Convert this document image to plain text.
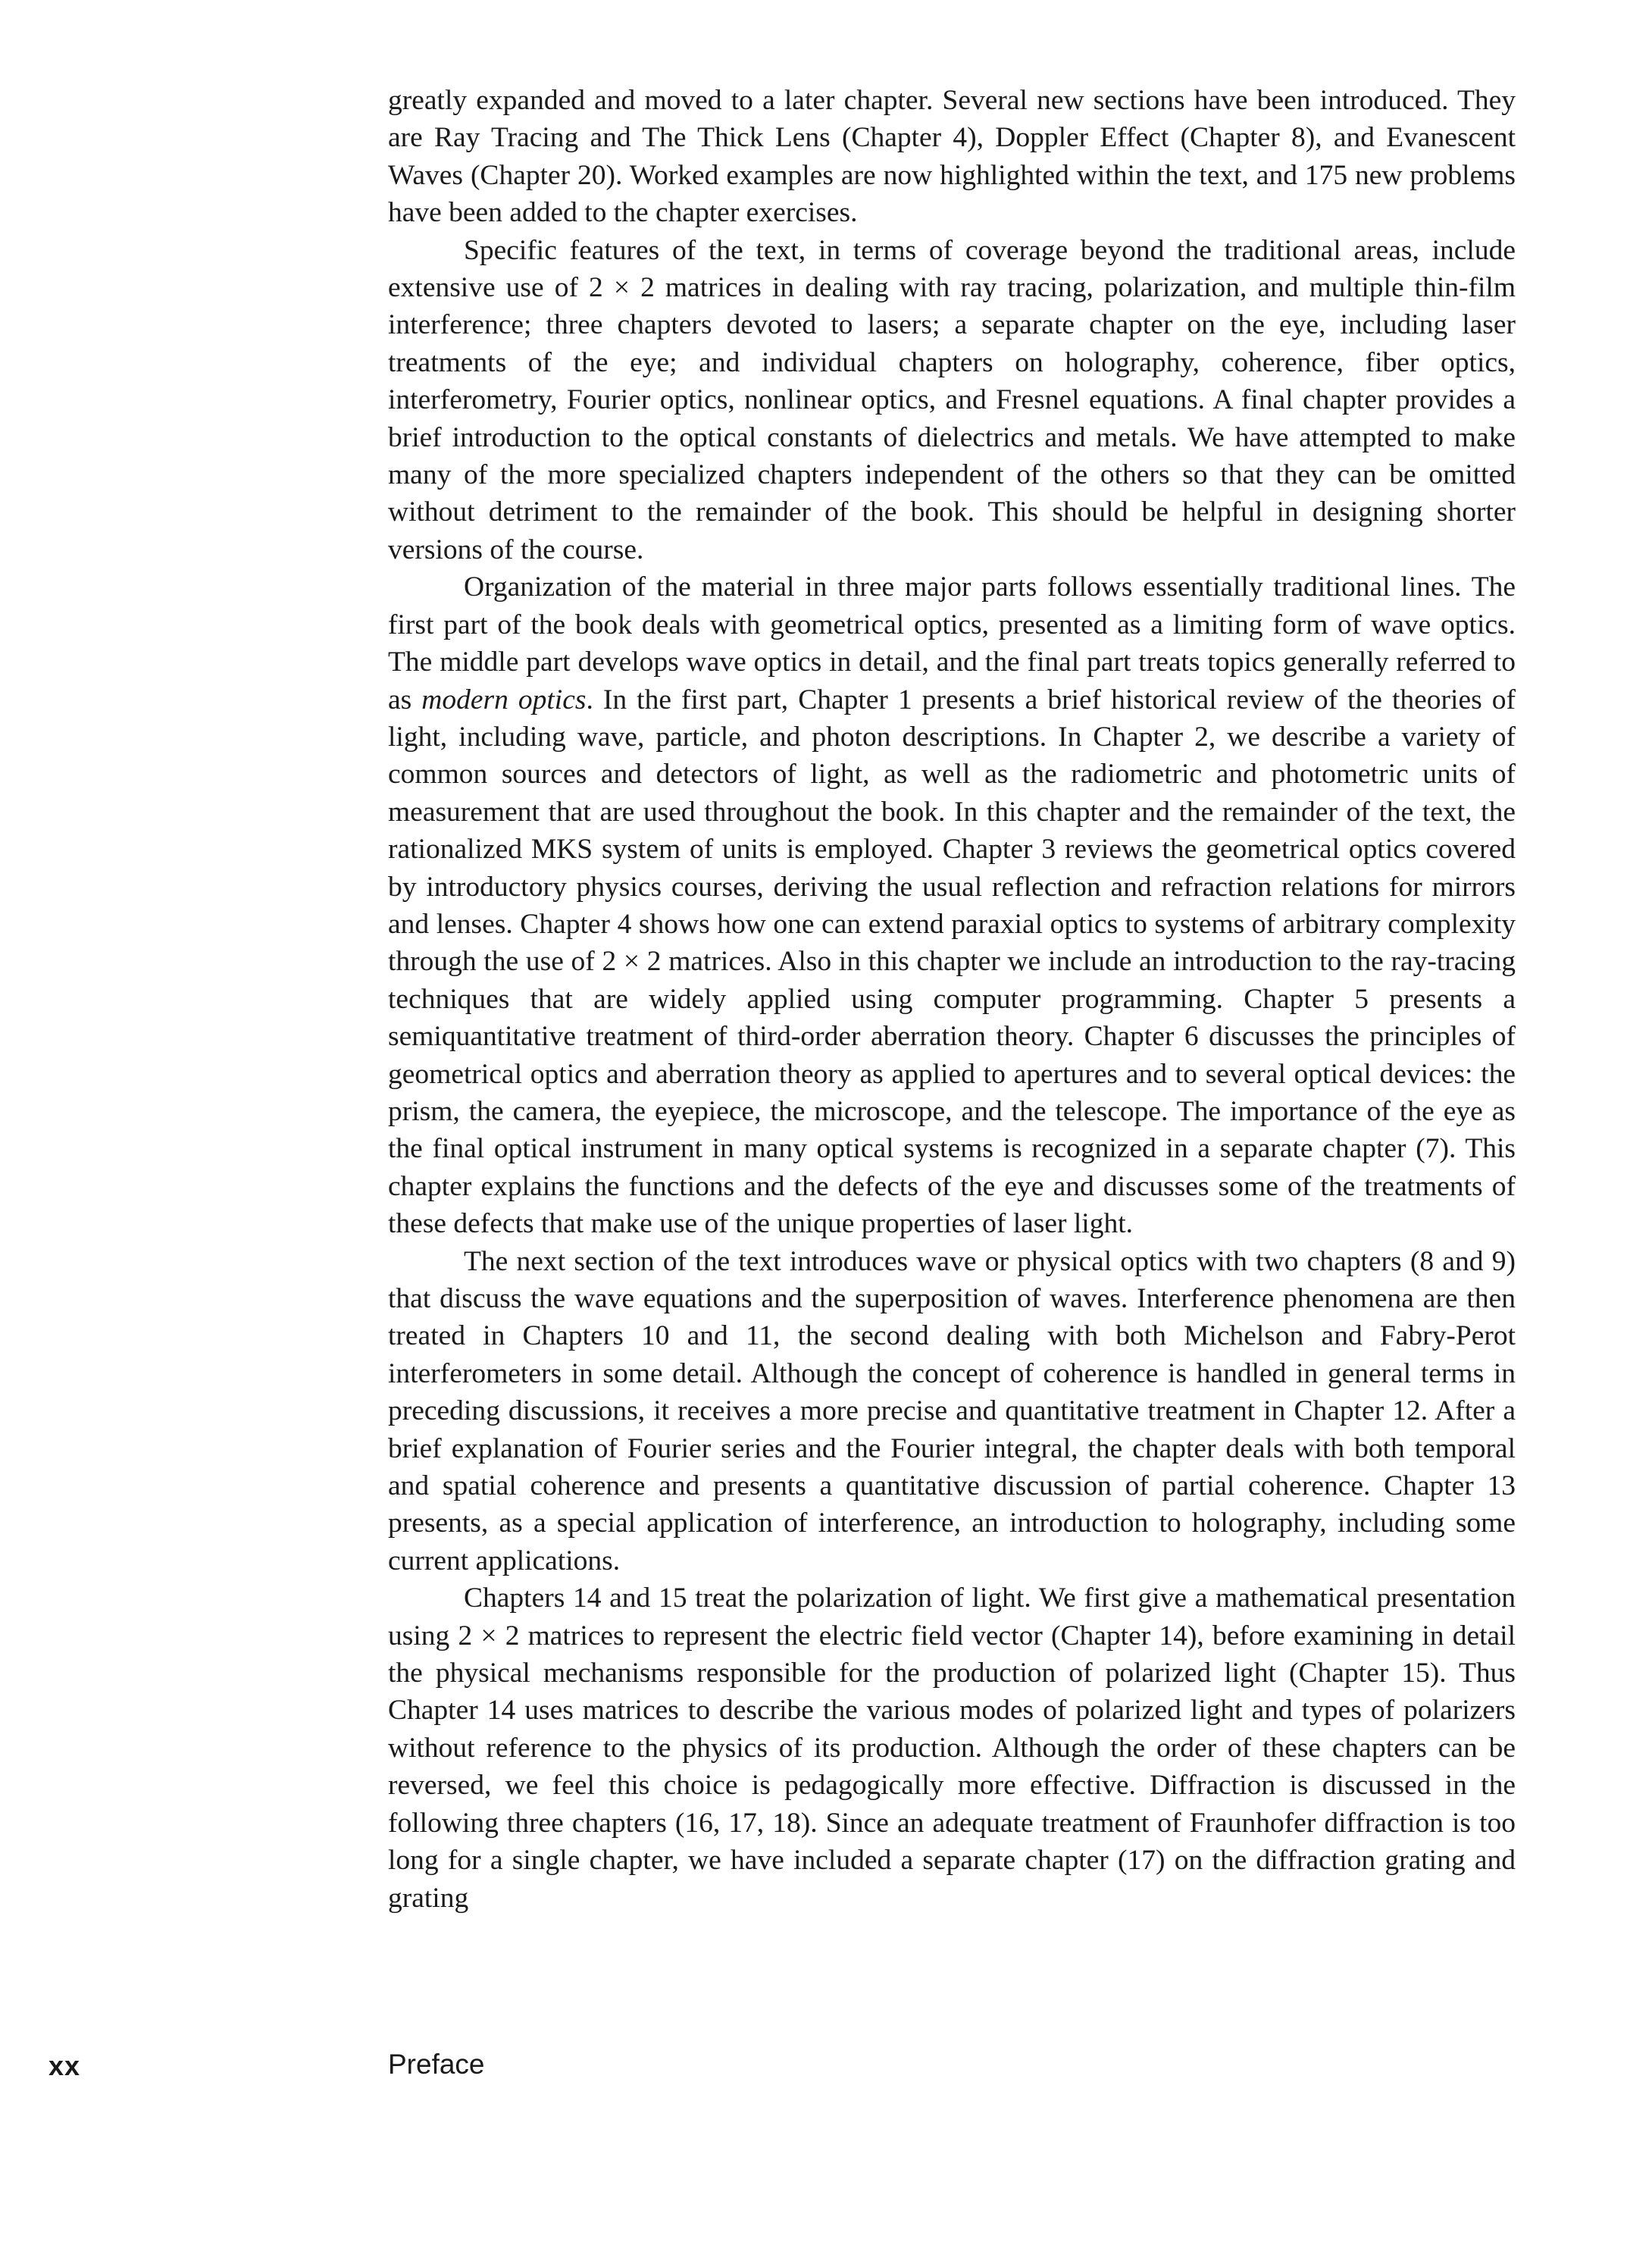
greatly expanded and moved to a later chapter. Several new sections have been introduced. They are Ray Tracing and The Thick Lens (Chapter 4), Doppler Effect (Chapter 8), and Evanescent Waves (Chapter 20). Worked examples are now highlighted within the text, and 175 new problems have been added to the chapter exercises.

Specific features of the text, in terms of coverage beyond the traditional areas, include extensive use of 2 × 2 matrices in dealing with ray tracing, polarization, and multiple thin-film interference; three chapters devoted to lasers; a separate chapter on the eye, including laser treatments of the eye; and individual chapters on holography, coherence, fiber optics, interferometry, Fourier optics, nonlinear optics, and Fresnel equations. A final chapter provides a brief introduction to the optical constants of dielectrics and metals. We have attempted to make many of the more specialized chapters independent of the others so that they can be omitted without detriment to the remainder of the book. This should be helpful in designing shorter versions of the course.

Organization of the material in three major parts follows essentially traditional lines. The first part of the book deals with geometrical optics, presented as a limiting form of wave optics. The middle part develops wave optics in detail, and the final part treats topics generally referred to as modern optics. In the first part, Chapter 1 presents a brief historical review of the theories of light, including wave, particle, and photon descriptions. In Chapter 2, we describe a variety of common sources and detectors of light, as well as the radiometric and photometric units of measurement that are used throughout the book. In this chapter and the remainder of the text, the rationalized MKS system of units is employed. Chapter 3 reviews the geometrical optics covered by introductory physics courses, deriving the usual reflection and refraction relations for mirrors and lenses. Chapter 4 shows how one can extend paraxial optics to systems of arbitrary complexity through the use of 2 × 2 matrices. Also in this chapter we include an introduction to the ray-tracing techniques that are widely applied using computer programming. Chapter 5 presents a semiquantitative treatment of third-order aberration theory. Chapter 6 discusses the principles of geometrical optics and aberration theory as applied to apertures and to several optical devices: the prism, the camera, the eyepiece, the microscope, and the telescope. The importance of the eye as the final optical instrument in many optical systems is recognized in a separate chapter (7). This chapter explains the functions and the defects of the eye and discusses some of the treatments of these defects that make use of the unique properties of laser light.

The next section of the text introduces wave or physical optics with two chapters (8 and 9) that discuss the wave equations and the superposition of waves. Interference phenomena are then treated in Chapters 10 and 11, the second dealing with both Michelson and Fabry-Perot interferometers in some detail. Although the concept of coherence is handled in general terms in preceding discussions, it receives a more precise and quantitative treatment in Chapter 12. After a brief explanation of Fourier series and the Fourier integral, the chapter deals with both temporal and spatial coherence and presents a quantitative discussion of partial coherence. Chapter 13 presents, as a special application of interference, an introduction to holography, including some current applications.

Chapters 14 and 15 treat the polarization of light. We first give a mathematical presentation using 2 × 2 matrices to represent the electric field vector (Chapter 14), before examining in detail the physical mechanisms responsible for the production of polarized light (Chapter 15). Thus Chapter 14 uses matrices to describe the various modes of polarized light and types of polarizers without reference to the physics of its production. Although the order of these chapters can be reversed, we feel this choice is pedagogically more effective. Diffraction is discussed in the following three chapters (16, 17, 18). Since an adequate treatment of Fraunhofer diffraction is too long for a single chapter, we have included a separate chapter (17) on the diffraction grating and grating

xx	Preface
